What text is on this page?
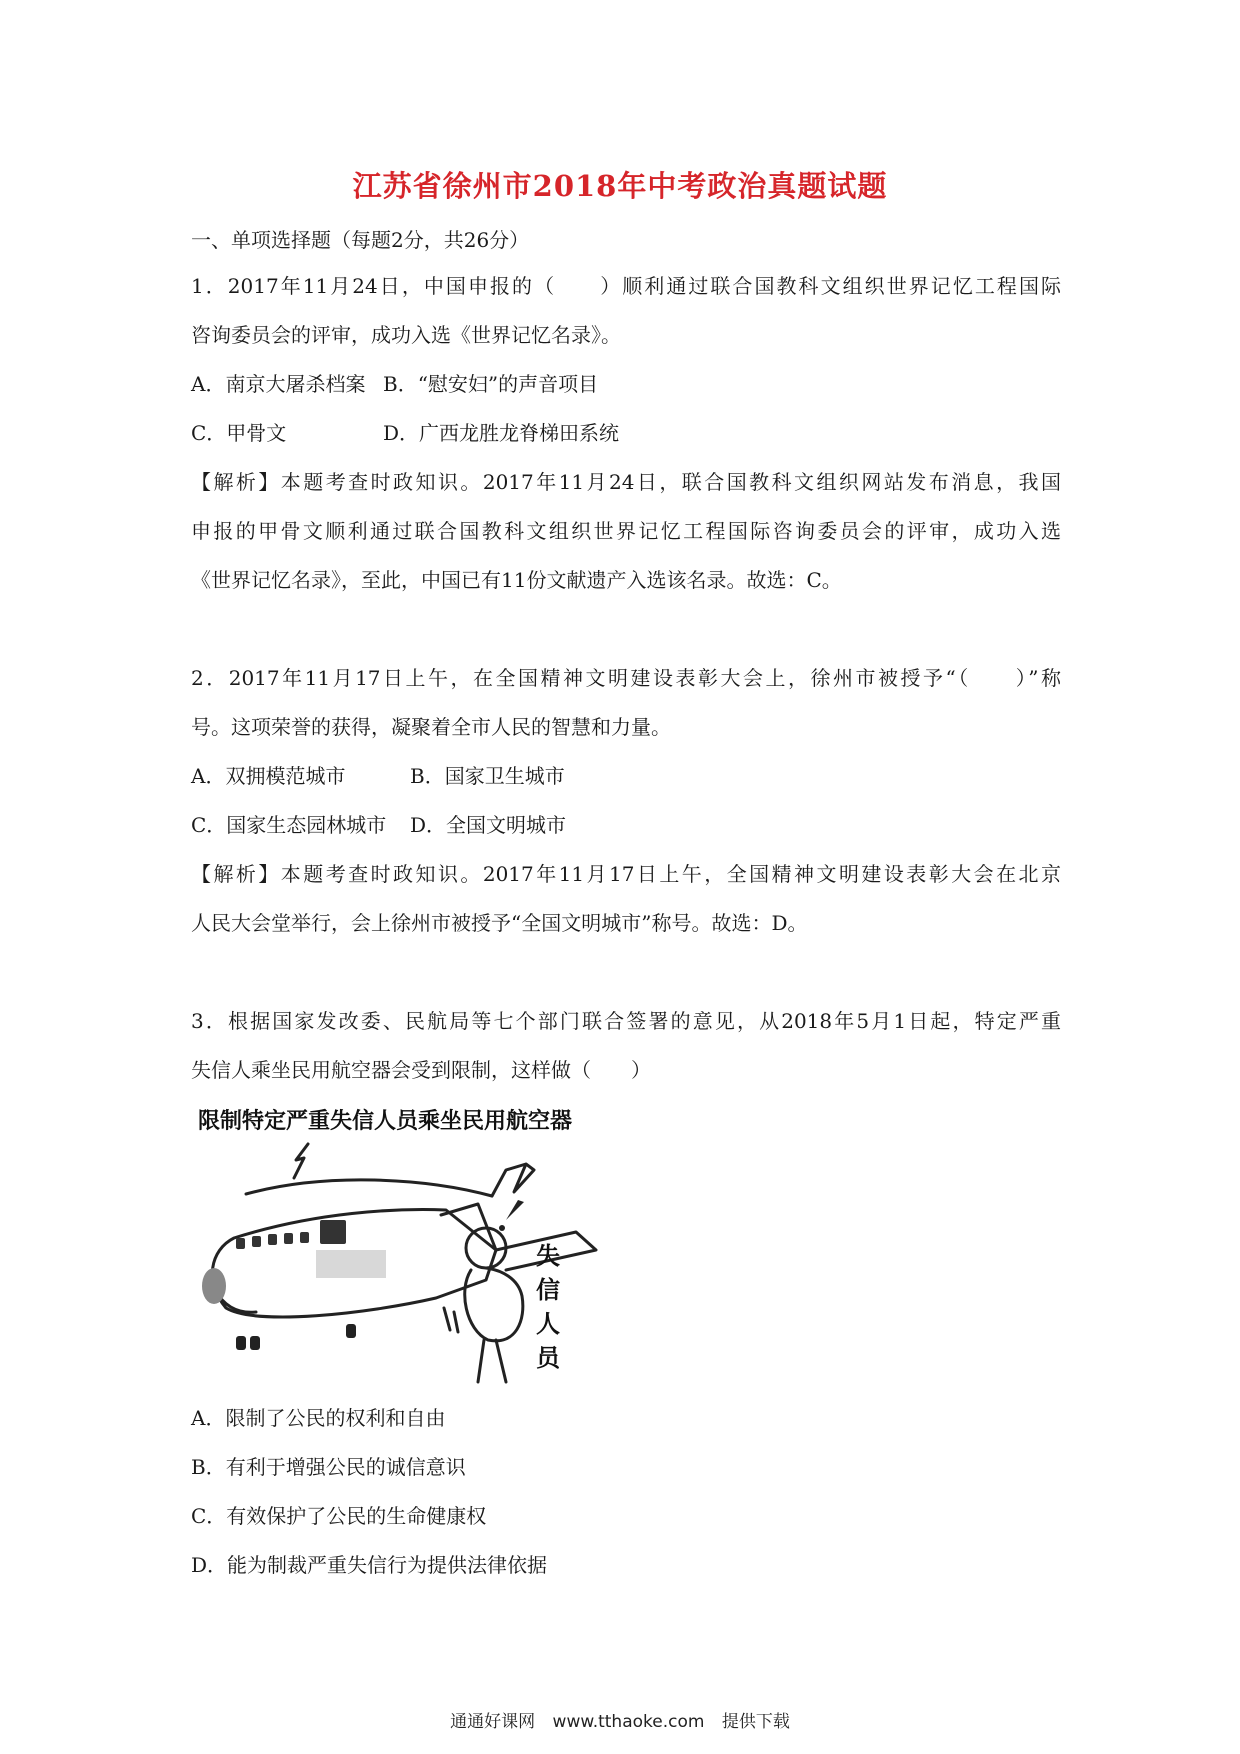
江苏省徐州市2018年中考政治真题试题
一、单项选择题（每题2分，共26分）
1．2017年11月24日，中国申报的（　　）顺利通过联合国教科文组织世界记忆工程国际
咨询委员会的评审，成功入选《世界记忆名录》。
A．南京大屠杀档案 B．“慰安妇”的声音项目
C．甲骨文	D．广西龙胜龙脊梯田系统
【解析】本题考查时政知识。2017年11月24日，联合国教科文组织网站发布消息，我国
申报的甲骨文顺利通过联合国教科文组织世界记忆工程国际咨询委员会的评审，成功入选
《世界记忆名录》，至此，中国已有11份文献遗产入选该名录。故选：C。
2．2017年11月17日上午，在全国精神文明建设表彰大会上，徐州市被授予“（　　）”称
号。这项荣誉的获得，凝聚着全市人民的智慧和力量。
A．双拥模范城市	B．国家卫生城市
C．国家生态园林城市 D．全国文明城市
【解析】本题考查时政知识。2017年11月17日上午，全国精神文明建设表彰大会在北京
人民大会堂举行，会上徐州市被授予“全国文明城市”称号。故选：D。
3．根据国家发改委、民航局等七个部门联合签署的意见，从2018年5月1日起，特定严重
失信人乘坐民用航空器会受到限制，这样做（　　）
限制特定严重失信人员乘坐民用航空器
失
信
人
员
A．限制了公民的权利和自由
B．有利于增强公民的诚信意识
C．有效保护了公民的生命健康权
D．能为制裁严重失信行为提供法律依据
通通好课网 www.tthaoke.com 提供下载
